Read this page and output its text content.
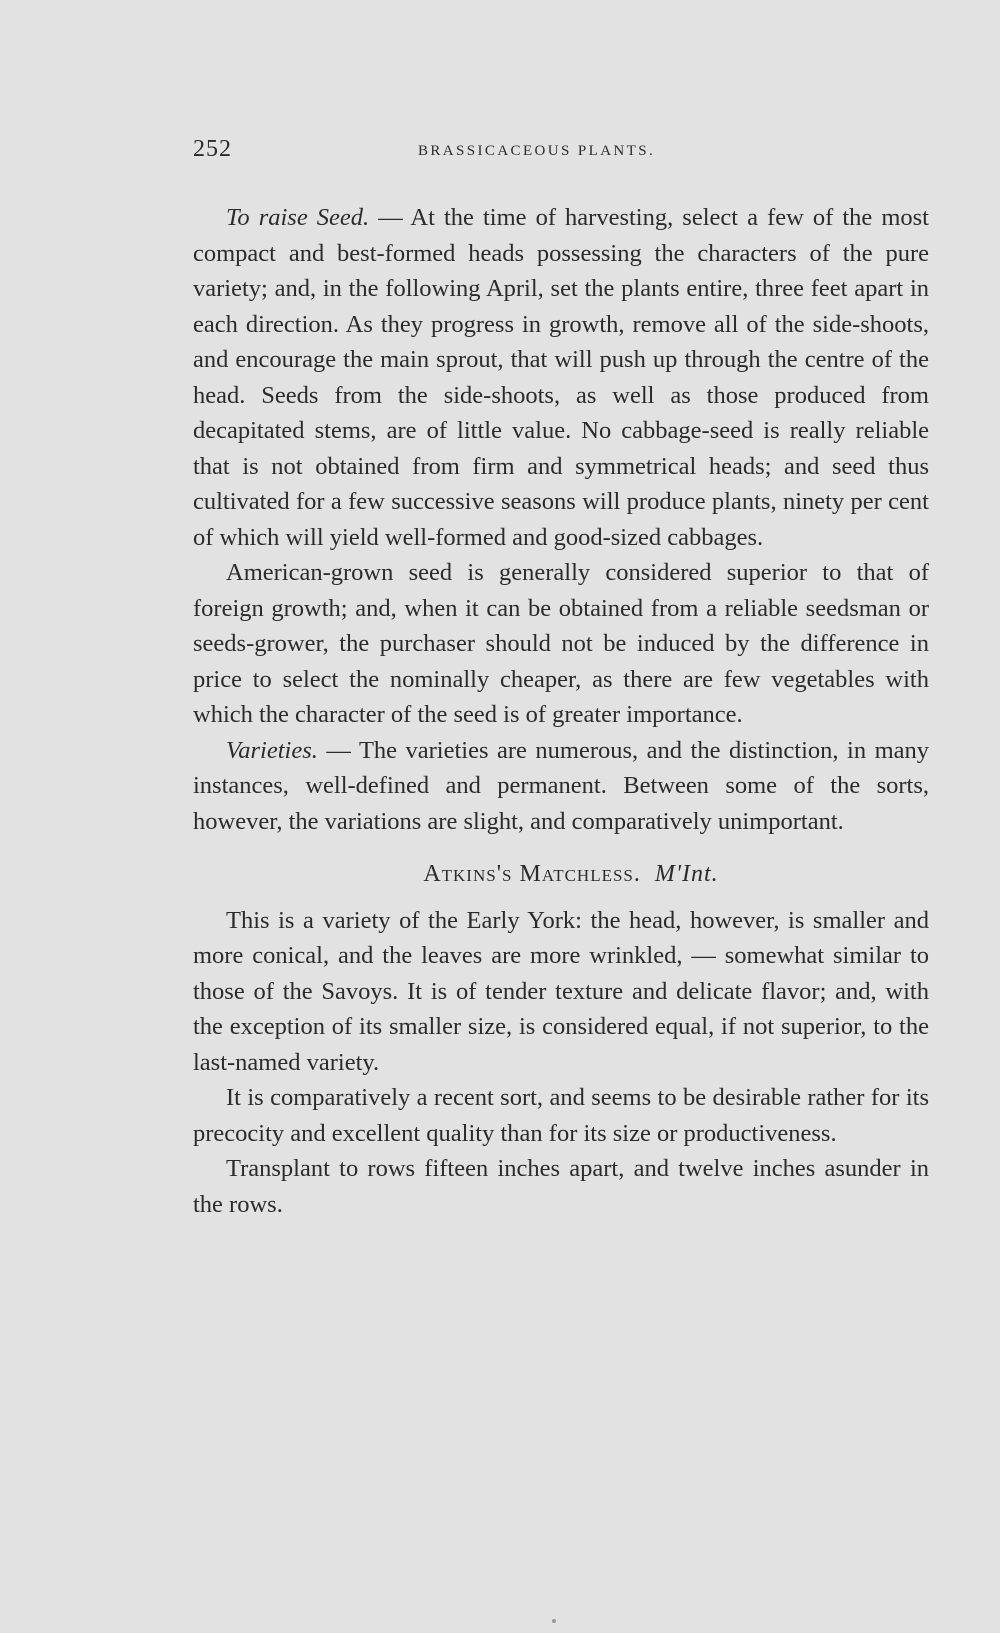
252	BRASSICACEOUS PLANTS.

To raise Seed. — At the time of harvesting, select a few of the most compact and best-formed heads possessing the characters of the pure variety; and, in the following April, set the plants entire, three feet apart in each direction. As they progress in growth, remove all of the side-shoots, and encourage the main sprout, that will push up through the centre of the head. Seeds from the side-shoots, as well as those produced from decapitated stems, are of little value. No cabbage-seed is really reliable that is not obtained from firm and symmetrical heads; and seed thus cultivated for a few successive seasons will produce plants, ninety per cent of which will yield well-formed and good-sized cabbages.

American-grown seed is generally considered superior to that of foreign growth; and, when it can be obtained from a reliable seedsman or seeds-grower, the purchaser should not be induced by the difference in price to select the nominally cheaper, as there are few vegetables with which the character of the seed is of greater importance.

Varieties. — The varieties are numerous, and the distinction, in many instances, well-defined and permanent. Between some of the sorts, however, the variations are slight, and comparatively unimportant.

Atkins's Matchless. M'Int.

This is a variety of the Early York: the head, however, is smaller and more conical, and the leaves are more wrinkled, — somewhat similar to those of the Savoys. It is of tender texture and delicate flavor; and, with the exception of its smaller size, is considered equal, if not superior, to the last-named variety.

It is comparatively a recent sort, and seems to be desirable rather for its precocity and excellent quality than for its size or productiveness.

Transplant to rows fifteen inches apart, and twelve inches asunder in the rows.
